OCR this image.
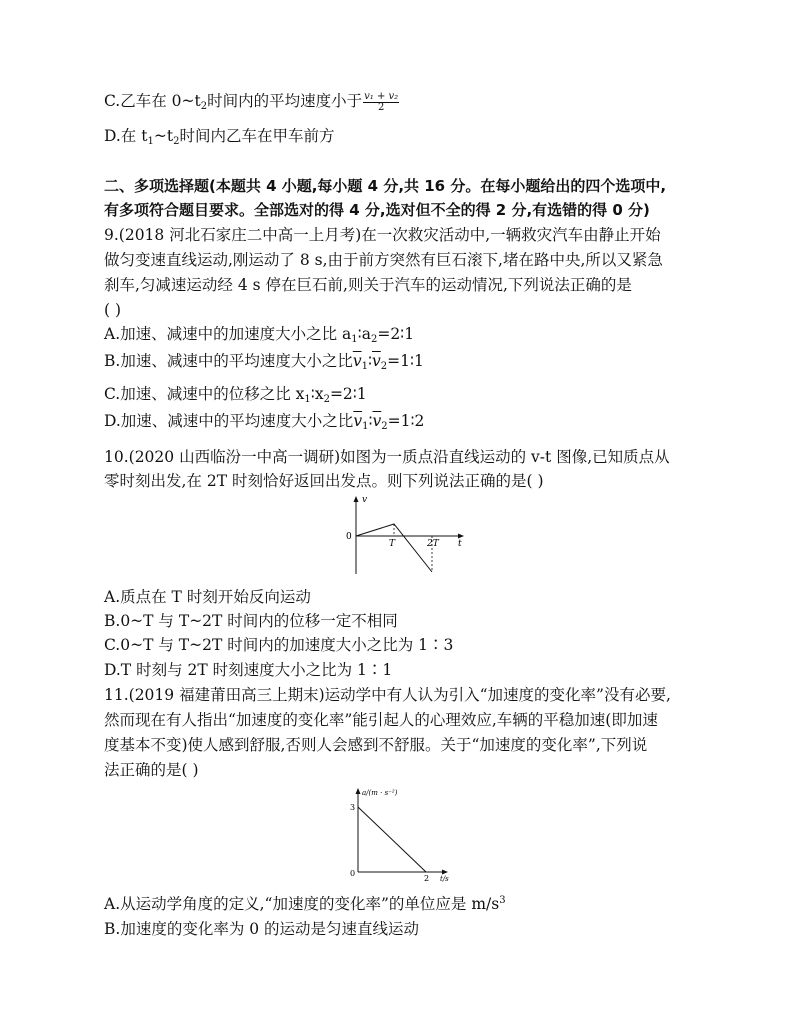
C.乙车在 $0\sim t_2$时间内的平均速度小于 $\frac{\text{v₁ + v₂}}{2}$
D.在 $t_1\sim t_2$时间内乙车在甲车前方
二、多项选择题(本题共 4 小题,每小题 4 分,共 16 分。在每小题给出的四个选项中,
有多项符合题目要求。全部选对的得 4 分,选对但不全的得 2 分,有选错的得 0 分)
9.(2018 河北石家庄二中高一上月考)在一次救灾活动中,一辆救灾汽车由静止开始
做匀变速直线运动,刚运动了 8 s,由于前方突然有巨石滚下,堵在路中央,所以又紧急
刹车,匀减速运动经 4 s 停在巨石前,则关于汽车的运动情况,下列说法正确的是
( )
A.加速、减速中的加速度大小之比 $a_1∶a_2=2∶1$
B.加速、减速中的平均速度大小之比$\overline{v}_1∶\overline{v}_2=1∶1$
C.加速、减速中的位移之比 $x_1∶x_2=2∶1$
D.加速、减速中的平均速度大小之比$\overline{v}_1∶\overline{v}_2=1∶2$
10.(2020 山西临汾一中高一调研)如图为一质点沿直线运动的 v-t 图像,已知质点从
零时刻出发,在 2T 时刻恰好返回出发点。则下列说法正确的是( )
v
t
0
T	2T
A.质点在 T 时刻开始反向运动
B.0~T 与 T~2T 时间内的位移一定不相同
C.0~T 与 T~2T 时间内的加速度大小之比为 1∶3
D.T 时刻与 2T 时刻速度大小之比为 1∶1
11.(2019 福建莆田高三上期末)运动学中有人认为引入“加速度的变化率”没有必要,
然而现在有人指出“加速度的变化率”能引起人的心理效应,车辆的平稳加速(即加速
度基本不变)使人感到舒服,否则人会感到不舒服。关于“加速度的变化率”,下列说
法正确的是( )
a/(m · s⁻²)
t/s
0
3
2
A.从运动学角度的定义,“加速度的变化率”的单位应是 $m/s^3$
B.加速度的变化率为 0 的运动是匀速直线运动
